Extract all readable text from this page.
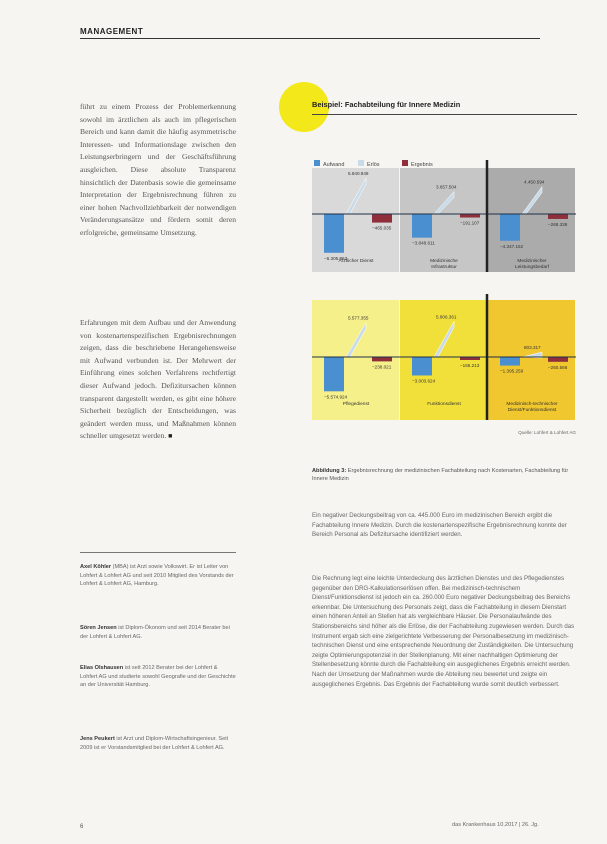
MANAGEMENT

führt zu einem Prozess der Problemerkennung sowohl im ärztlichen als auch im pflegerischen Bereich und kann damit die häufig asymmetrische Interessen- und Informationslage zwischen den Leistungserbringern und der Geschäftsführung ausgleichen. Diese absolute Transparenz hinsichtlich der Datenbasis sowie die gemeinsame Interpretation der Ergebnisrechnung führen zu einer hohen Nachvollziehbarkeit der notwendigen Veränderungsansätze und fördern somit deren erfolgreiche, gemeinsame Umsetzung.

Erfahrungen mit dem Aufbau und der Anwendung von kostenartenspezifischen Ergebnisrechnungen zeigen, dass die beschriebene Herangehensweise mit Aufwand verbunden ist. Der Mehrwert der Einführung eines solchen Verfahrens rechtfertigt dieser Aufwand jedoch. Defizitursachen können transparent dargestellt werden, es gibt eine höhere Sicherheit bezüglich der Entscheidungen, was geändert werden muss, und Maßnahmen können schneller umgesetzt werden. ■

Axel Köhler (MBA) ist Arzt sowie Volkswirt. Er ist Leiter von Lohfert & Lohfert AG und seit 2010 Mitglied des Vorstands der Lohfert & Lohfert AG, Hamburg.

Sören Jensen ist Diplom-Ökonom und seit 2014 Berater bei der Lohfert & Lohfert AG.

Elias Olshausen ist seit 2012 Berater bei der Lohfert & Lohfert AG und studierte sowohl Geografie und der Geschichte an der Universität Hamburg.

Jens Peukert ist Arzt und Diplom-Wirtschaftsingenieur. Seit 2009 ist er Vorstandsmitglied bei der Lohfert & Lohfert AG.

Beispiel: Fachabteilung für Innere Medizin
Aufwand	Erlös	Ergebnis
−6.305.863
5.840.949
−465.035
Ärztlicher Dienst
−3.848.611
3.657.504
−191.107
Medizinische Infrastruktur
−4.347.152
4.450.594
−268.338
Medizinischer Leistungsbedarf
−5.574.924
5.577.355
−238.021
Pflegedienst
−3.003.624
5.806.361
−155.213
Funktionsdienst
−1.395.259
803.317
−260.566
Medizinisch-technischer Dienst/Funktionsdienst
Quelle: Lohfert & Lohfert AG

Abbildung 3: Ergebnisrechnung der medizinischen Fachabteilung nach Kostenarten, Fachabteilung für Innere Medizin

Ein negativer Deckungsbeitrag von ca. 445.000 Euro im medizinischen Bereich ergibt die Fachabteilung Innere Medizin. Durch die kostenartenspezifische Ergebnisrechnung konnte der Bereich Personal als Defizitursache identifiziert werden.

Die Rechnung legt eine leichte Unterdeckung des ärztlichen Dienstes und des Pflegedienstes gegenüber den DRG-Kalkulationserlösen offen. Bei medizinisch-technischem Dienst/Funktionsdienst ist jedoch ein ca. 260.000 Euro negativer Deckungsbeitrag des Bereichs erkennbar. Die Untersuchung des Personals zeigt, dass die Fachabteilung in diesem Dienstart einen höheren Anteil an Stellen hat als vergleichbare Häuser. Die Personalaufwände des Stationsbereichs sind höher als die Erlöse, die der Fachabteilung zugewiesen werden. Durch das Instrument ergab sich eine zielgerichtete Verbesserung der Personalbesetzung im medizinisch-technischen Dienst und eine entsprechende Neuordnung der Zuständigkeiten. Die Untersuchung zeigte Optimierungspotenzial in der Stellenplanung. Mit einer nachhaltigen Optimierung der Stellenbesetzung könnte durch die Fachabteilung ein ausgeglichenes Ergebnis erreicht werden. Nach der Umsetzung der Maßnahmen wurde die Abteilung neu bewertet und zeigte ein ausgeglichenes Ergebnis. Das Ergebnis der Fachabteilung wurde somit deutlich verbessert.

6	das Krankenhaus 10.2017 | 26. Jg.
